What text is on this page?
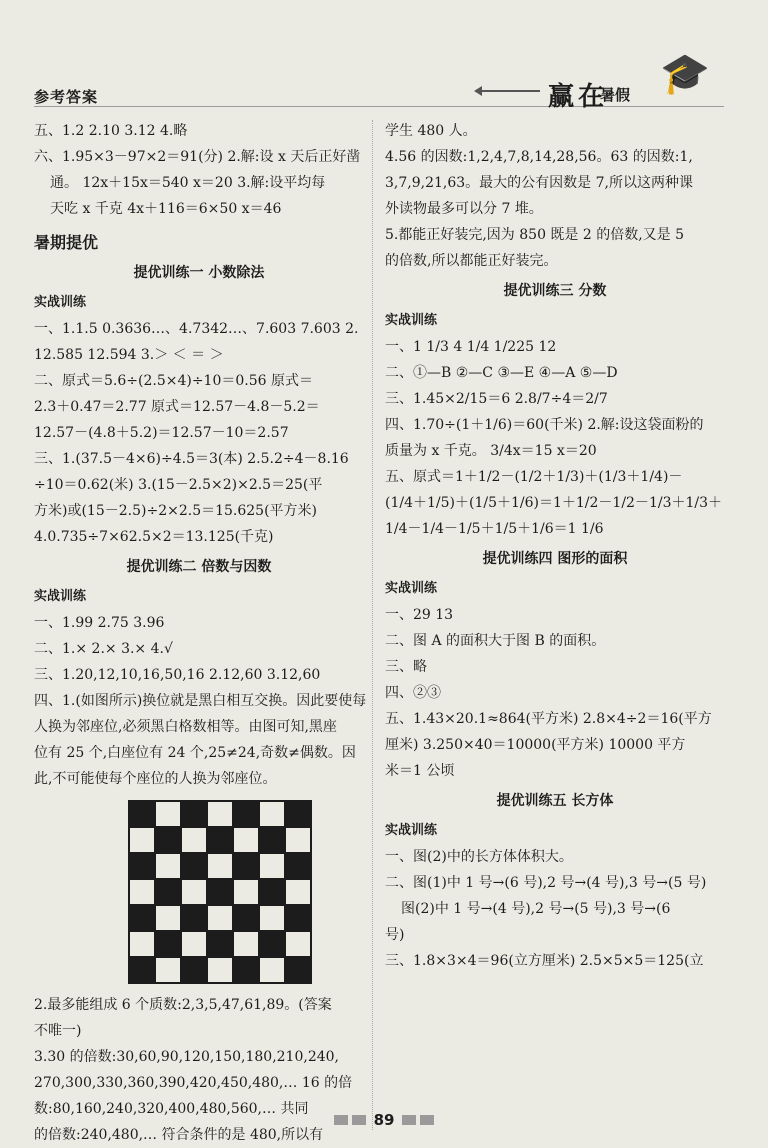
参考答案	赢在
暑假 🎓
五、1.2 2.10 3.12 4.略
六、1.95×3－97×2＝91(分) 2.解:设 x 天后正好凿
通。 12x＋15x＝540 x＝20 3.解:设平均每
天吃 x 千克 4x＋116＝6×50 x＝46
暑期提优
提优训练一 小数除法
实战训练
一、1.1.5 0.3636…、4.7342…、7.603 7.603 2.
12.585 12.594 3.＞ ＜ ＝ ＞
二、原式＝5.6÷(2.5×4)÷10＝0.56 原式＝
2.3＋0.47＝2.77 原式＝12.57－4.8－5.2＝
12.57－(4.8＋5.2)＝12.57－10＝2.57
三、1.(37.5－4×6)÷4.5＝3(本) 2.5.2÷4－8.16
÷10＝0.62(米) 3.(15－2.5×2)×2.5＝25(平
方米)或(15－2.5)÷2×2.5＝15.625(平方米)
4.0.735÷7×62.5×2＝13.125(千克)
提优训练二 倍数与因数
实战训练
一、1.99 2.75 3.96
二、1.× 2.× 3.× 4.√
三、1.20,12,10,16,50,16 2.12,60 3.12,60
四、1.(如图所示)换位就是黑白相互交换。因此要使每
人换为邻座位,必须黑白格数相等。由图可知,黑座
位有 25 个,白座位有 24 个,25≠24,奇数≠偶数。因
此,不可能使每个座位的人换为邻座位。
2.最多能组成 6 个质数:2,3,5,47,61,89。(答案
不唯一)
3.30 的倍数:30,60,90,120,150,180,210,240,
270,300,330,360,390,420,450,480,… 16 的倍
数:80,160,240,320,400,480,560,… 共同
的倍数:240,480,… 符合条件的是 480,所以有
学生 480 人。
4.56 的因数:1,2,4,7,8,14,28,56。63 的因数:1,
3,7,9,21,63。最大的公有因数是 7,所以这两种课
外读物最多可以分 7 堆。
5.都能正好装完,因为 850 既是 2 的倍数,又是 5
的倍数,所以都能正好装完。
提优训练三 分数
实战训练
一、1 1/3 4 1/4 1/225 12
二、①—B ②—C ③—E ④—A ⑤—D
三、1.45×2/15＝6 2.8/7÷4＝2/7
四、1.70÷(1＋1/6)＝60(千米) 2.解:设这袋面粉的
质量为 x 千克。 3/4x＝15 x＝20
五、原式＝1＋1/2－(1/2＋1/3)＋(1/3＋1/4)－
(1/4＋1/5)＋(1/5＋1/6)＝1＋1/2－1/2－1/3＋1/3＋
1/4－1/4－1/5＋1/5＋1/6＝1 1/6
提优训练四 图形的面积
实战训练
一、29 13
二、图 A 的面积大于图 B 的面积。
三、略
四、②③
五、1.43×20.1≈864(平方米) 2.8×4÷2＝16(平方
厘米) 3.250×40＝10000(平方米) 10000 平方
米＝1 公顷
提优训练五 长方体
实战训练
一、图(2)中的长方体体积大。
二、图(1)中 1 号→(6 号),2 号→(4 号),3 号→(5 号)
图(2)中 1 号→(4 号),2 号→(5 号),3 号→(6
号)
三、1.8×3×4＝96(立方厘米) 2.5×5×5＝125(立
89
